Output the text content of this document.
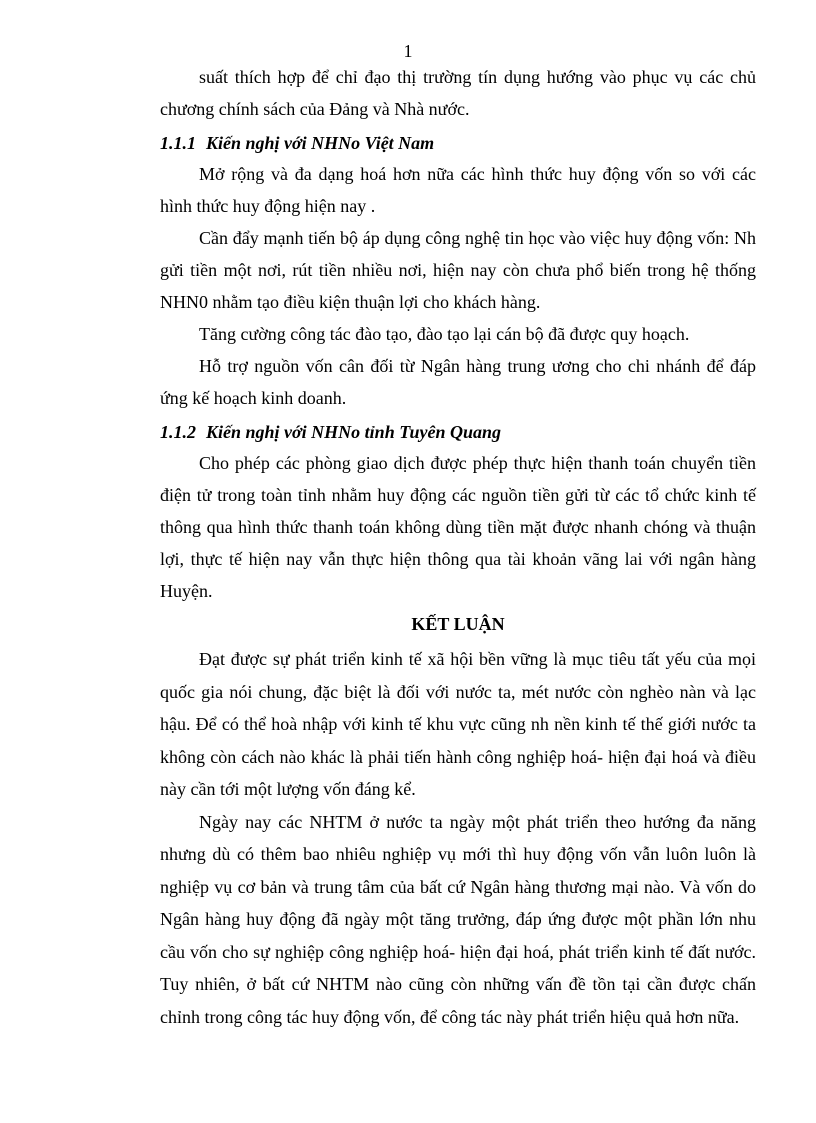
1

suất thích hợp để chỉ đạo thị trường tín dụng hướng vào phục vụ các chủ chương chính sách của Đảng và Nhà nước.

1.1.1 Kiến nghị với NHNo Việt Nam

Mở rộng và đa dạng hoá hơn nữa các hình thức huy động vốn so với các hình thức huy động hiện nay .

Cần đẩy mạnh tiến bộ áp dụng công nghệ tin học vào việc huy động vốn: Nh gửi tiền một nơi, rút tiền nhiều nơi, hiện nay còn chưa phổ biến trong hệ thống NHN0 nhằm tạo điều kiện thuận lợi cho khách hàng.

Tăng cường công tác đào tạo, đào tạo lại cán bộ đã được quy hoạch.

Hỗ trợ nguồn vốn cân đối từ Ngân hàng trung ương cho chi nhánh để đáp ứng kế hoạch kinh doanh.

1.1.2 Kiến nghị với NHNo tỉnh Tuyên Quang

Cho phép các phòng giao dịch được phép thực hiện thanh toán chuyển tiền điện tử trong toàn tỉnh nhằm huy động các nguồn tiền gửi từ các tổ chức kinh tế thông qua hình thức thanh toán không dùng tiền mặt được nhanh chóng và thuận lợi, thực tế hiện nay vẫn thực hiện thông qua tài khoản vãng lai với ngân hàng Huyện.

KẾT LUẬN

Đạt được sự phát triển kinh tế xã hội bền vững là mục tiêu tất yếu của mọi quốc gia nói chung, đặc biệt là đối với nước ta, mét nước còn nghèo nàn và lạc hậu. Để có thể hoà nhập với kinh tế khu vực cũng nh nền kinh tế thế giới nước ta không còn cách nào khác là phải tiến hành công nghiệp hoá- hiện đại hoá và điều này cần tới một lượng vốn đáng kể.

Ngày nay các NHTM ở nước ta ngày một phát triển theo hướng đa năng nhưng dù có thêm bao nhiêu nghiệp vụ mới thì huy động vốn vẫn luôn luôn là nghiệp vụ cơ bản và trung tâm của bất cứ Ngân hàng thương mại nào. Và vốn do Ngân hàng huy động đã ngày một tăng trưởng, đáp ứng được một phần lớn nhu cầu vốn cho sự nghiệp công nghiệp hoá- hiện đại hoá, phát triển kinh tế đất nước. Tuy nhiên, ở bất cứ NHTM nào cũng còn những vấn đề tồn tại cần được chấn chỉnh trong công tác huy động vốn, để công tác này phát triển hiệu quả hơn nữa.
